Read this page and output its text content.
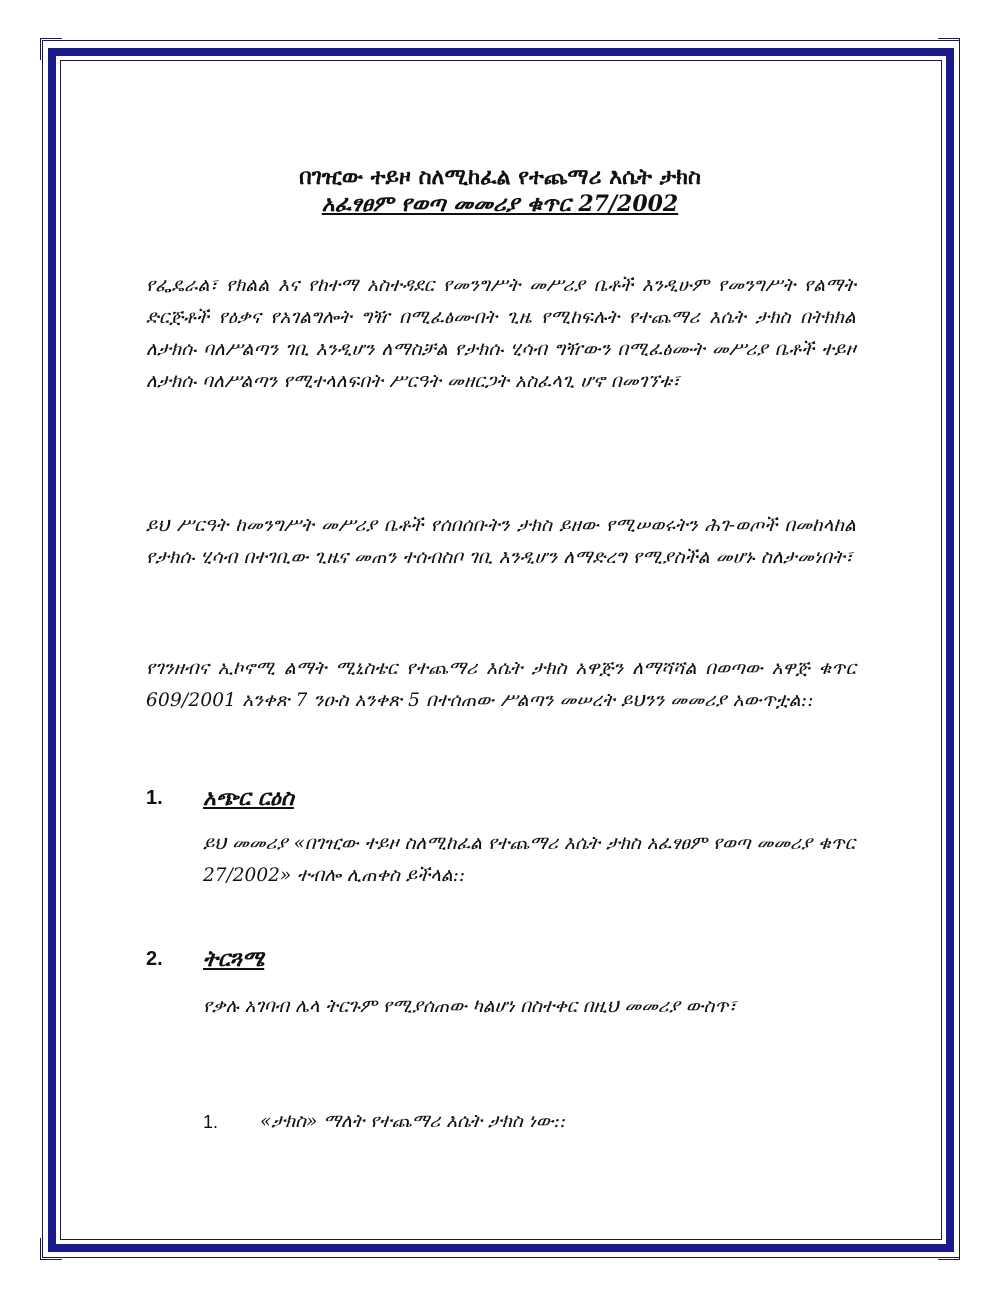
በገዢው ተይዞ ስለሚከፈል የተጨማሪ እሴት ታክስ
አፈፃፀም የወጣ መመሪያ ቁጥር 27/2002
የፌዴራል፣ የክልል እና የከተማ አስተዳደር የመንግሥት መሥሪያ ቤቶች እንዲሁም የመንግሥት የልማት ድርጅቶች የዕቃና የአገልግሎት ግዥ በሚፈፅሙበት ጊዜ የሚከፍሉት የተጨማሪ እሴት ታክስ በትክክል ለታክሱ ባለሥልጣን ገቢ እንዲሆን ለማስቻል የታክሱ ሂሳብ ግዥውን በሚፈፅሙት መሥሪያ ቤቶች ተይዞ ለታክሱ ባለሥልጣን የሚተላለፍበት ሥርዓት መዘርጋት አስፈላጊ ሆኖ በመገኘቱ፣
ይህ ሥርዓት ከመንግሥት መሥሪያ ቤቶች የሰበሰቡትን ታክስ ይዘው የሚሠወሩትን ሕገ-ወጦች በመከላከል የታክሱ ሂሳብ በተገቢው ጊዜና መጠን ተሰብስቦ ገቢ እንዲሆን ለማድረግ የሚያስችል መሆኑ ስለታመነበት፣
የገንዘብና ኢኮኖሚ ልማት ሚኒስቴር የተጨማሪ እሴት ታክስ አዋጅን ለማሻሻል በወጣው አዋጅ ቁጥር 609/2001 አንቀጽ 7 ንዑስ አንቀጽ 5 በተሰጠው ሥልጣን መሠረት ይህንን መመሪያ አውጥቷል::
1. አጭር ርዕስ
ይህ መመሪያ «በገዢው ተይዞ ስለሚከፈል የተጨማሪ እሴት ታክስ አፈፃፀም የወጣ መመሪያ ቁጥር 27/2002» ተብሎ ሊጠቀስ ይችላል::
2. ትርጓሜ
የቃሉ አገባብ ሌላ ትርጉም የሚያሰጠው ካልሆነ በስተቀር በዚህ መመሪያ ውስጥ፣
1. «ታክስ» ማለት የተጨማሪ እሴት ታክስ ነው::
